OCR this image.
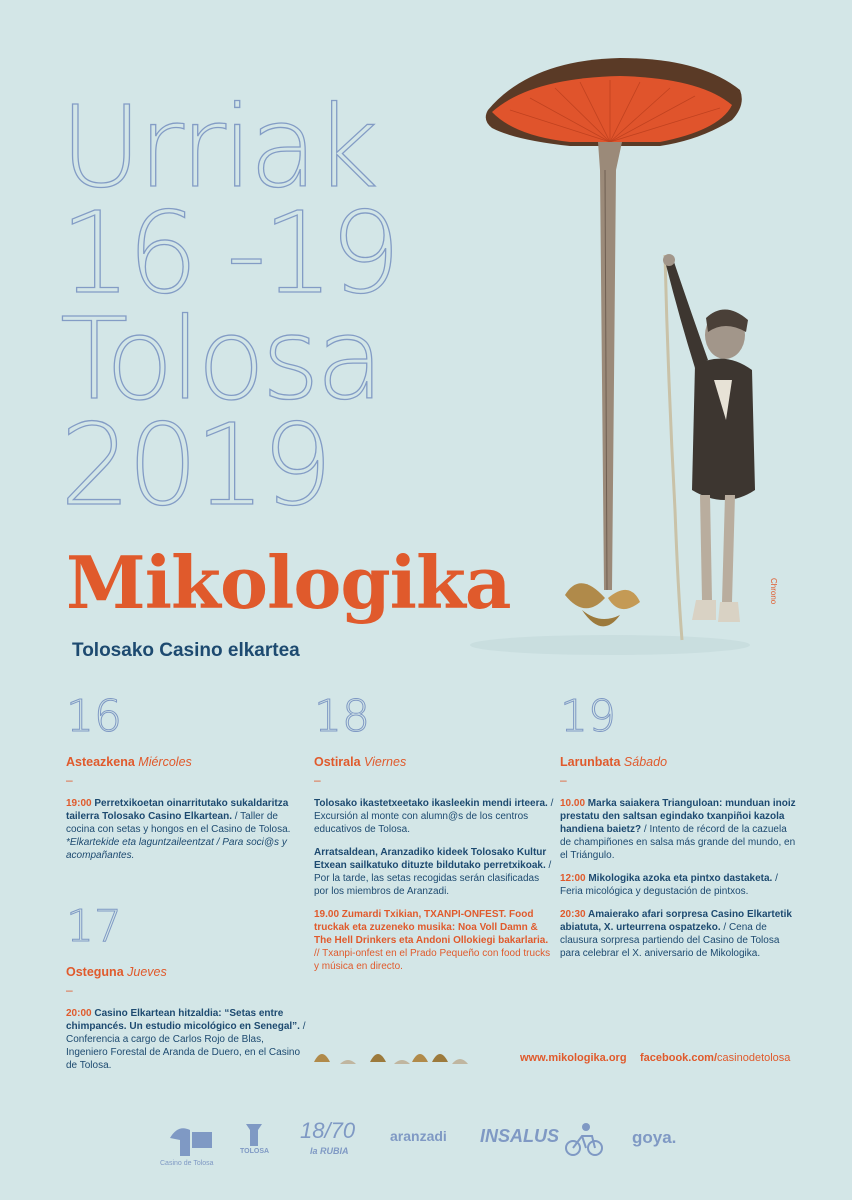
Urriak
16 -19
Tolosa
2019
Mikologika
Tolosako Casino elkartea
Chrono
16
Asteazkena Miércoles
–
19:00 Perretxikoetan oinarritutako sukaldaritza tailerra Tolosako Casino Elkartean. / Taller de cocina con setas y hongos en el Casino de Tolosa.
*Elkartekide eta laguntzaileentzat / Para soci@s y acompañantes.
17
Osteguna Jueves
–
20:00 Casino Elkartean hitzaldia: “Setas entre chimpancés. Un estudio micológico en Senegal”. / Conferencia a cargo de Carlos Rojo de Blas, Ingeniero Forestal de Aranda de Duero, en el Casino de Tolosa.
18
Ostirala Viernes
–
Tolosako ikastetxeetako ikasleekin mendi irteera. / Excursión al monte con alumn@s de los centros educativos de Tolosa.
Arratsaldean, Aranzadiko kideek Tolosako Kultur Etxean sailkatuko dituzte bildutako perretxikoak. / Por la tarde, las setas recogidas serán clasificadas por los miembros de Aranzadi.
19.00 Zumardi Txikian, TXANPI-ONFEST. Food truckak eta zuzeneko musika: Noa Voll Damn & The Hell Drinkers eta Andoni Ollokiegi bakarlaria. // Txanpi-onfest en el Prado Pequeño con food trucks y música en directo.
19
Larunbata Sábado
–
10.00 Marka saiakera Trianguloan: munduan inoiz prestatu den saltsan egindako txanpiñoi kazola handiena baietz? / Intento de récord de la cazuela de champiñones en salsa más grande del mundo, en el Triángulo.
12:00 Mikologika azoka eta pintxo dastaketa. / Feria micológica y degustación de pintxos.
20:30 Amaierako afari sorpresa Casino Elkartetik abiatuta, X. urteurrena ospatzeko. / Cena de clausura sorpresa partiendo del Casino de Tolosa para celebrar el X. aniversario de Mikologika.
www.mikologika.org facebook.com/casinodetolosa
Casino de Tolosa
TOLOSA
18/70
la RUBIA
aranzadi INSALUS	goya.
